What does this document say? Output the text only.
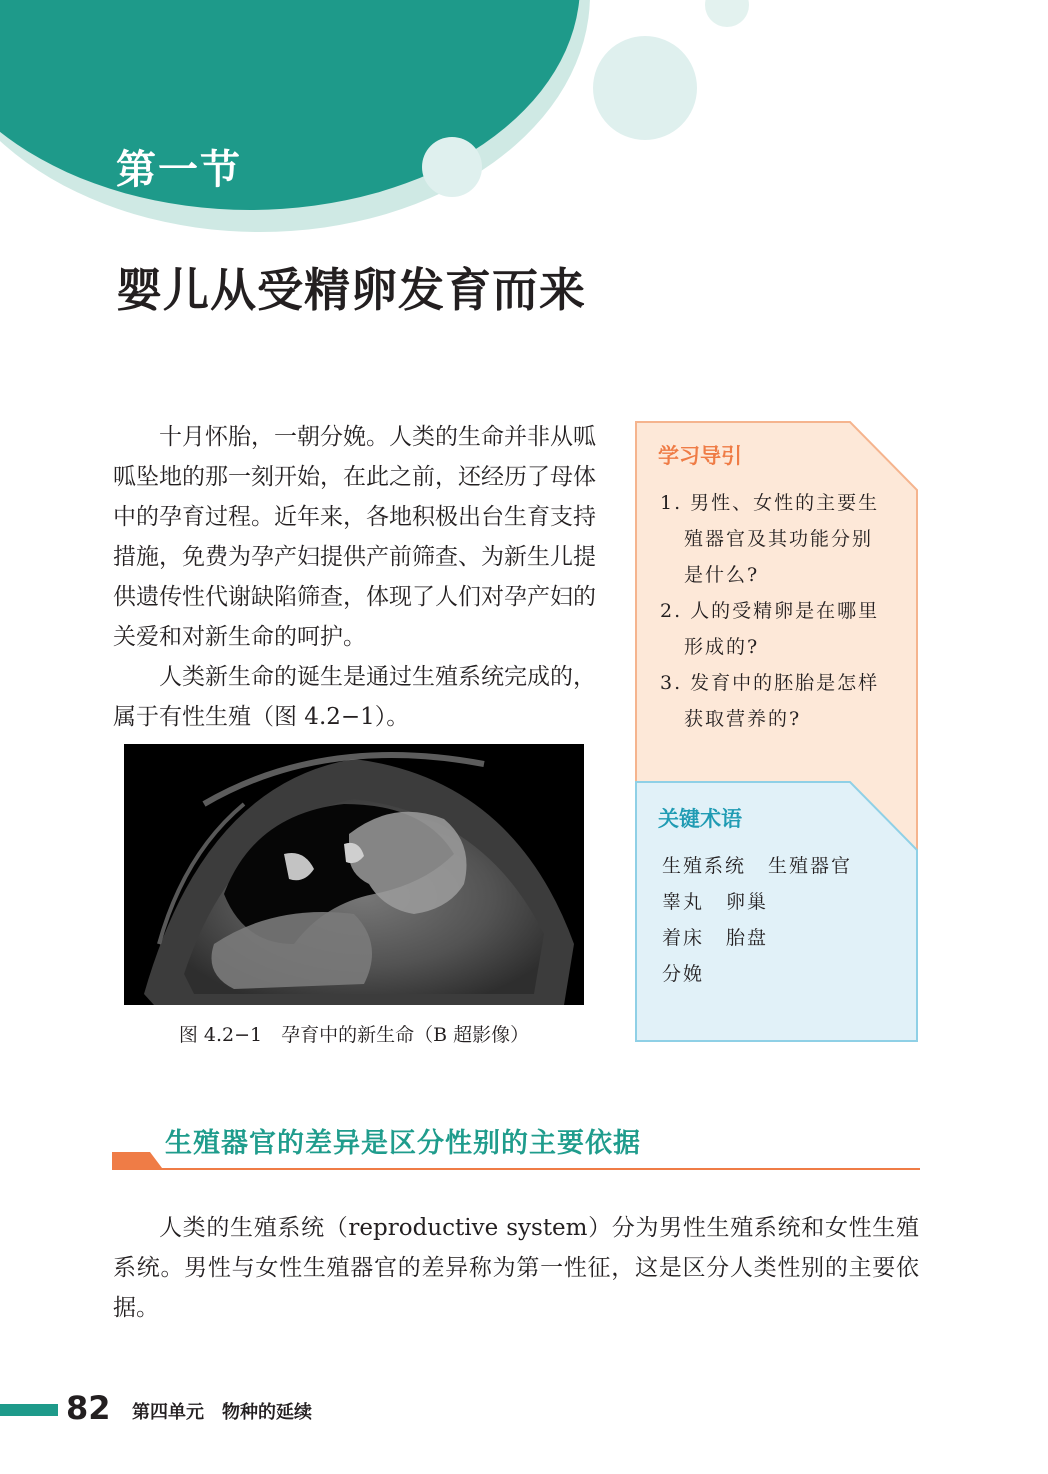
第一节
婴儿从受精卵发育而来

十月怀胎，一朝分娩。人类的生命并非从呱呱坠地的那一刻开始，在此之前，还经历了母体中的孕育过程。近年来，各地积极出台生育支持措施，免费为孕产妇提供产前筛查、为新生儿提供遗传性代谢缺陷筛查，体现了人们对孕产妇的关爱和对新生命的呵护。

人类新生命的诞生是通过生殖系统完成的，属于有性生殖（图 4.2−1）。

图 4.2−1　孕育中的新生命（B 超影像）
学习导引
1. 男性、女性的主要生
殖器官及其功能分别
是什么?
2. 人的受精卵是在哪里
形成的?
3. 发育中的胚胎是怎样
获取营养的?
关键术语
生殖系统 生殖器官
睾丸 卵巢
着床 胎盘
分娩
生殖器官的差异是区分性别的主要依据

人类的生殖系统（reproductive system）分为男性生殖系统和女性生殖系统。男性与女性生殖器官的差异称为第一性征，这是区分人类性别的主要依据。

82 第四单元 物种的延续
